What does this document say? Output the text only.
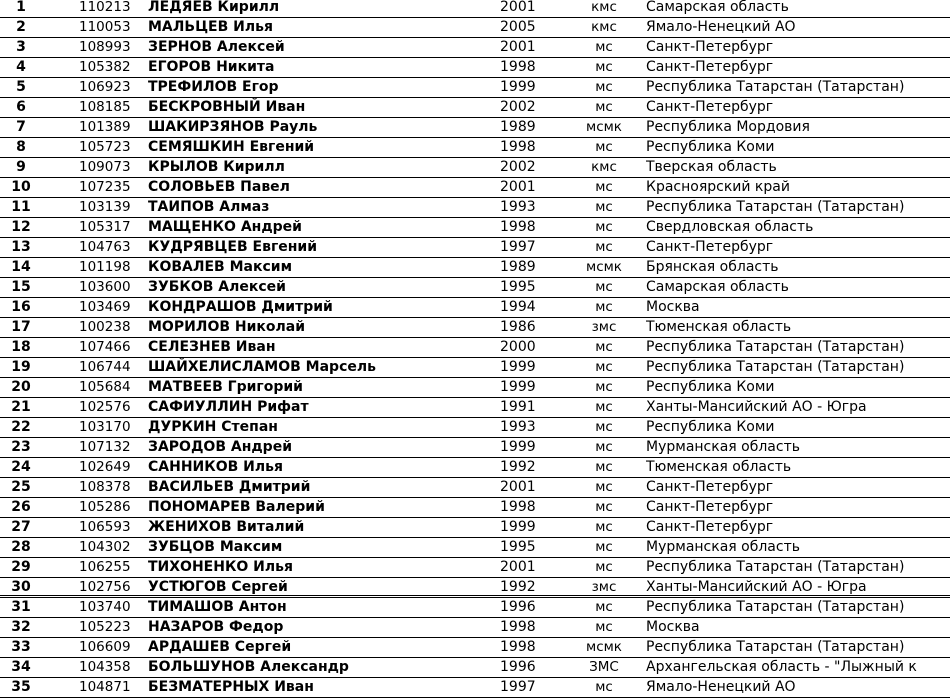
1	110213	ЛЕДЯЕВ Кирилл	2001	кмс	Самарская область
2	110053	МАЛЬЦЕВ Илья	2005	кмс	Ямало-Ненецкий АО
3	108993	ЗЕРНОВ Алексей	2001	мс	Санкт-Петербург
4	105382	ЕГОРОВ Никита	1998	мс	Санкт-Петербург
5	106923	ТРЕФИЛОВ Егор	1999	мс	Республика Татарстан (Татарстан)
6	108185	БЕСКРОВНЫЙ Иван	2002	мс	Санкт-Петербург
7	101389	ШАКИРЗЯНОВ Рауль	1989	мсмк	Республика Мордовия
8	105723	СЕМЯШКИН Евгений	1998	мс	Республика Коми
9	109073	КРЫЛОВ Кирилл	2002	кмс	Тверская область
10	107235	СОЛОВЬЕВ Павел	2001	мс	Красноярский край
11	103139	ТАИПОВ Алмаз	1993	мс	Республика Татарстан (Татарстан)
12	105317	МАЩЕНКО Андрей	1998	мс	Свердловская область
13	104763	КУДРЯВЦЕВ Евгений	1997	мс	Санкт-Петербург
14	101198	КОВАЛЕВ Максим	1989	мсмк	Брянская область
15	103600	ЗУБКОВ Алексей	1995	мс	Самарская область
16	103469	КОНДРАШОВ Дмитрий	1994	мс	Москва
17	100238	МОРИЛОВ Николай	1986	змс	Тюменская область
18	107466	СЕЛЕЗНЕВ Иван	2000	мс	Республика Татарстан (Татарстан)
19	106744	ШАЙХЕЛИСЛАМОВ Марсель	1999	мс	Республика Татарстан (Татарстан)
20	105684	МАТВЕЕВ Григорий	1999	мс	Республика Коми
21	102576	САФИУЛЛИН Рифат	1991	мс	Ханты-Мансийский АО - Югра
22	103170	ДУРКИН Степан	1993	мс	Республика Коми
23	107132	ЗАРОДОВ Андрей	1999	мс	Мурманская область
24	102649	САННИКОВ Илья	1992	мс	Тюменская область
25	108378	ВАСИЛЬЕВ Дмитрий	2001	мс	Санкт-Петербург
26	105286	ПОНОМАРЕВ Валерий	1998	мс	Санкт-Петербург
27	106593	ЖЕНИХОВ Виталий	1999	мс	Санкт-Петербург
28	104302	ЗУБЦОВ Максим	1995	мс	Мурманская область
29	106255	ТИХОНЕНКО Илья	2001	мс	Республика Татарстан (Татарстан)
30	102756	УСТЮГОВ Сергей	1992	змс	Ханты-Мансийский АО - Югра
31	103740	ТИМАШОВ Антон	1996	мс	Республика Татарстан (Татарстан)
32	105223	НАЗАРОВ Федор	1998	мс	Москва
33	106609	АРДАШЕВ Сергей	1998	мсмк	Республика Татарстан (Татарстан)
34	104358	БОЛЬШУНОВ Александр	1996	ЗМС	Архангельская область - "Лыжный к
35	104871	БЕЗМАТЕРНЫХ Иван	1997	мс	Ямало-Ненецкий АО
